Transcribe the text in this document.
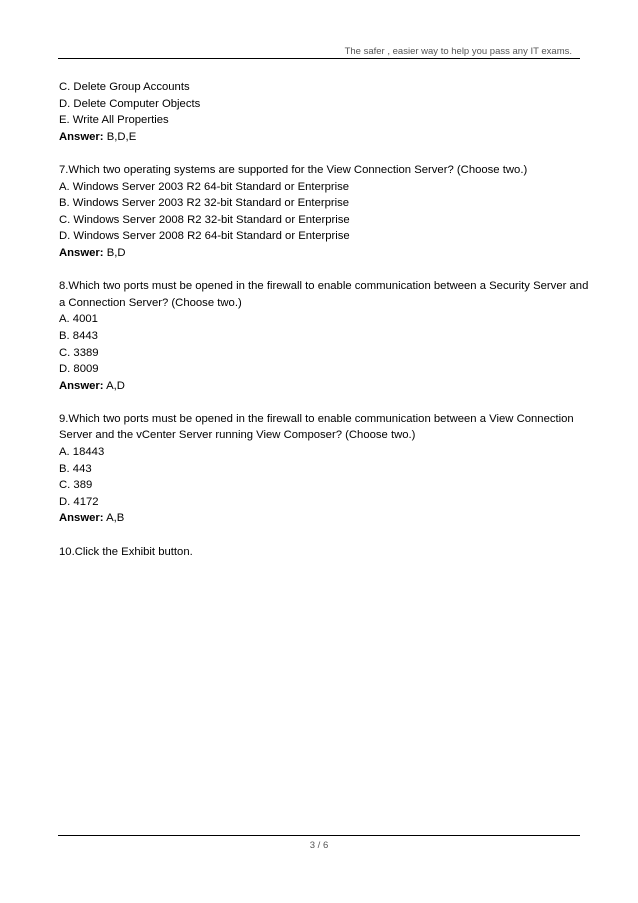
The safer , easier way to help you pass any IT exams.
C. Delete Group Accounts
D. Delete Computer Objects
E. Write All Properties
Answer: B,D,E
7.Which two operating systems are supported for the View Connection Server? (Choose two.)
A. Windows Server 2003 R2 64-bit Standard or Enterprise
B. Windows Server 2003 R2 32-bit Standard or Enterprise
C. Windows Server 2008 R2 32-bit Standard or Enterprise
D. Windows Server 2008 R2 64-bit Standard or Enterprise
Answer: B,D
8.Which two ports must be opened in the firewall to enable communication between a Security Server and
a Connection Server? (Choose two.)
A. 4001
B. 8443
C. 3389
D. 8009
Answer: A,D
9.Which two ports must be opened in the firewall to enable communication between a View Connection
Server and the vCenter Server running View Composer? (Choose two.)
A. 18443
B. 443
C. 389
D. 4172
Answer: A,B
10.Click the Exhibit button.
3 / 6
